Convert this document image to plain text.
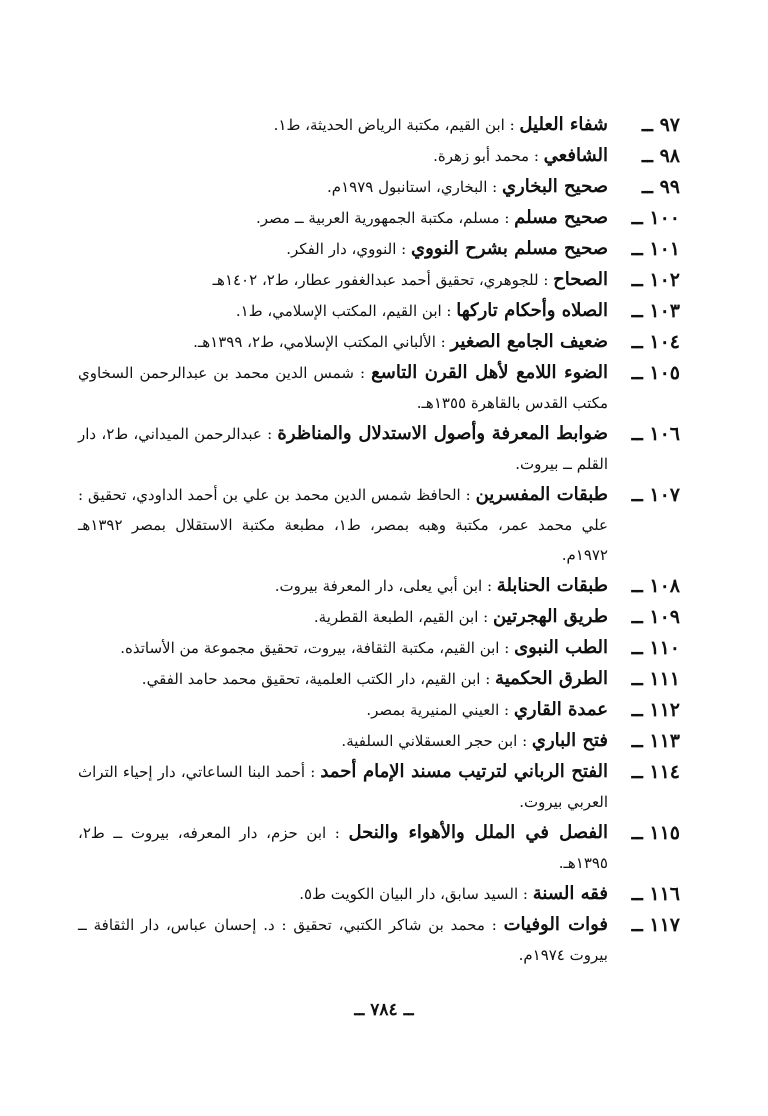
٩٧ ــ
شفاء العليل : ابن القيم، مكتبة الرياض الحديثة، ط١.
٩٨ ــ
الشافعي : محمد أبو زهرة.
٩٩ ــ
صحيح البخاري : البخاري، استانبول ١٩٧٩م.
١٠٠ ــ
صحيح مسلم : مسلم، مكتبة الجمهورية العربية ــ مصر.
١٠١ ــ
صحيح مسلم بشرح النووي : النووي، دار الفكر.
١٠٢ ــ
الصحاح : للجوهري، تحقيق أحمد عبدالغفور عطار، ط٢، ١٤٠٢هـ
١٠٣ ــ
الصلاه وأحكام تاركها : ابن القيم، المكتب الإسلامي، ط١.
١٠٤ ــ
ضعيف الجامع الصغير : الألباني المكتب الإسلامي، ط٢، ١٣٩٩هـ.
١٠٥ ــ
الضوء اللامع لأهل القرن التاسع : شمس الدين محمد بن عبدالرحمن السخاوي مكتب القدس بالقاهرة ١٣٥٥هـ.
١٠٦ ــ
ضوابط المعرفة وأصول الاستدلال والمناظرة : عبدالرحمن الميداني، ط٢، دار القلم ــ بيروت.
١٠٧ ــ
طبقات المفسرين : الحافظ شمس الدين محمد بن علي بن أحمد الداودي، تحقيق : علي محمد عمر، مكتبة وهبه بمصر، ط١، مطبعة مكتبة الاستقلال بمصر ١٣٩٢هـ ١٩٧٢م.
١٠٨ ــ
طبقات الحنابلة : ابن أبي يعلى، دار المعرفة بيروت.
١٠٩ ــ
طريق الهجرتين : ابن القيم، الطبعة القطرية.
١١٠ ــ
الطب النبوى : ابن القيم، مكتبة الثقافة، بيروت، تحقيق مجموعة من الأساتذه.
١١١ ــ
الطرق الحكمية : ابن القيم، دار الكتب العلمية، تحقيق محمد حامد الفقي.
١١٢ ــ
عمدة القاري : العيني المنيرية بمصر.
١١٣ ــ
فتح الباري : ابن حجر العسقلاني السلفية.
١١٤ ــ
الفتح الرباني لترتيب مسند الإمام أحمد : أحمد البنا الساعاتي، دار إحياء التراث العربي بيروت.
١١٥ ــ
الفصل في الملل والأهواء والنحل : ابن حزم، دار المعرفه، بيروت ــ ط٢، ١٣٩٥هـ.
١١٦ ــ
فقه السنة : السيد سابق، دار البيان الكويت ط٥.
١١٧ ــ
فوات الوفيات : محمد بن شاكر الكتبي، تحقيق : د. إحسان عباس، دار الثقافة ــ بيروت ١٩٧٤م.
ــ ٧٨٤ ــ
